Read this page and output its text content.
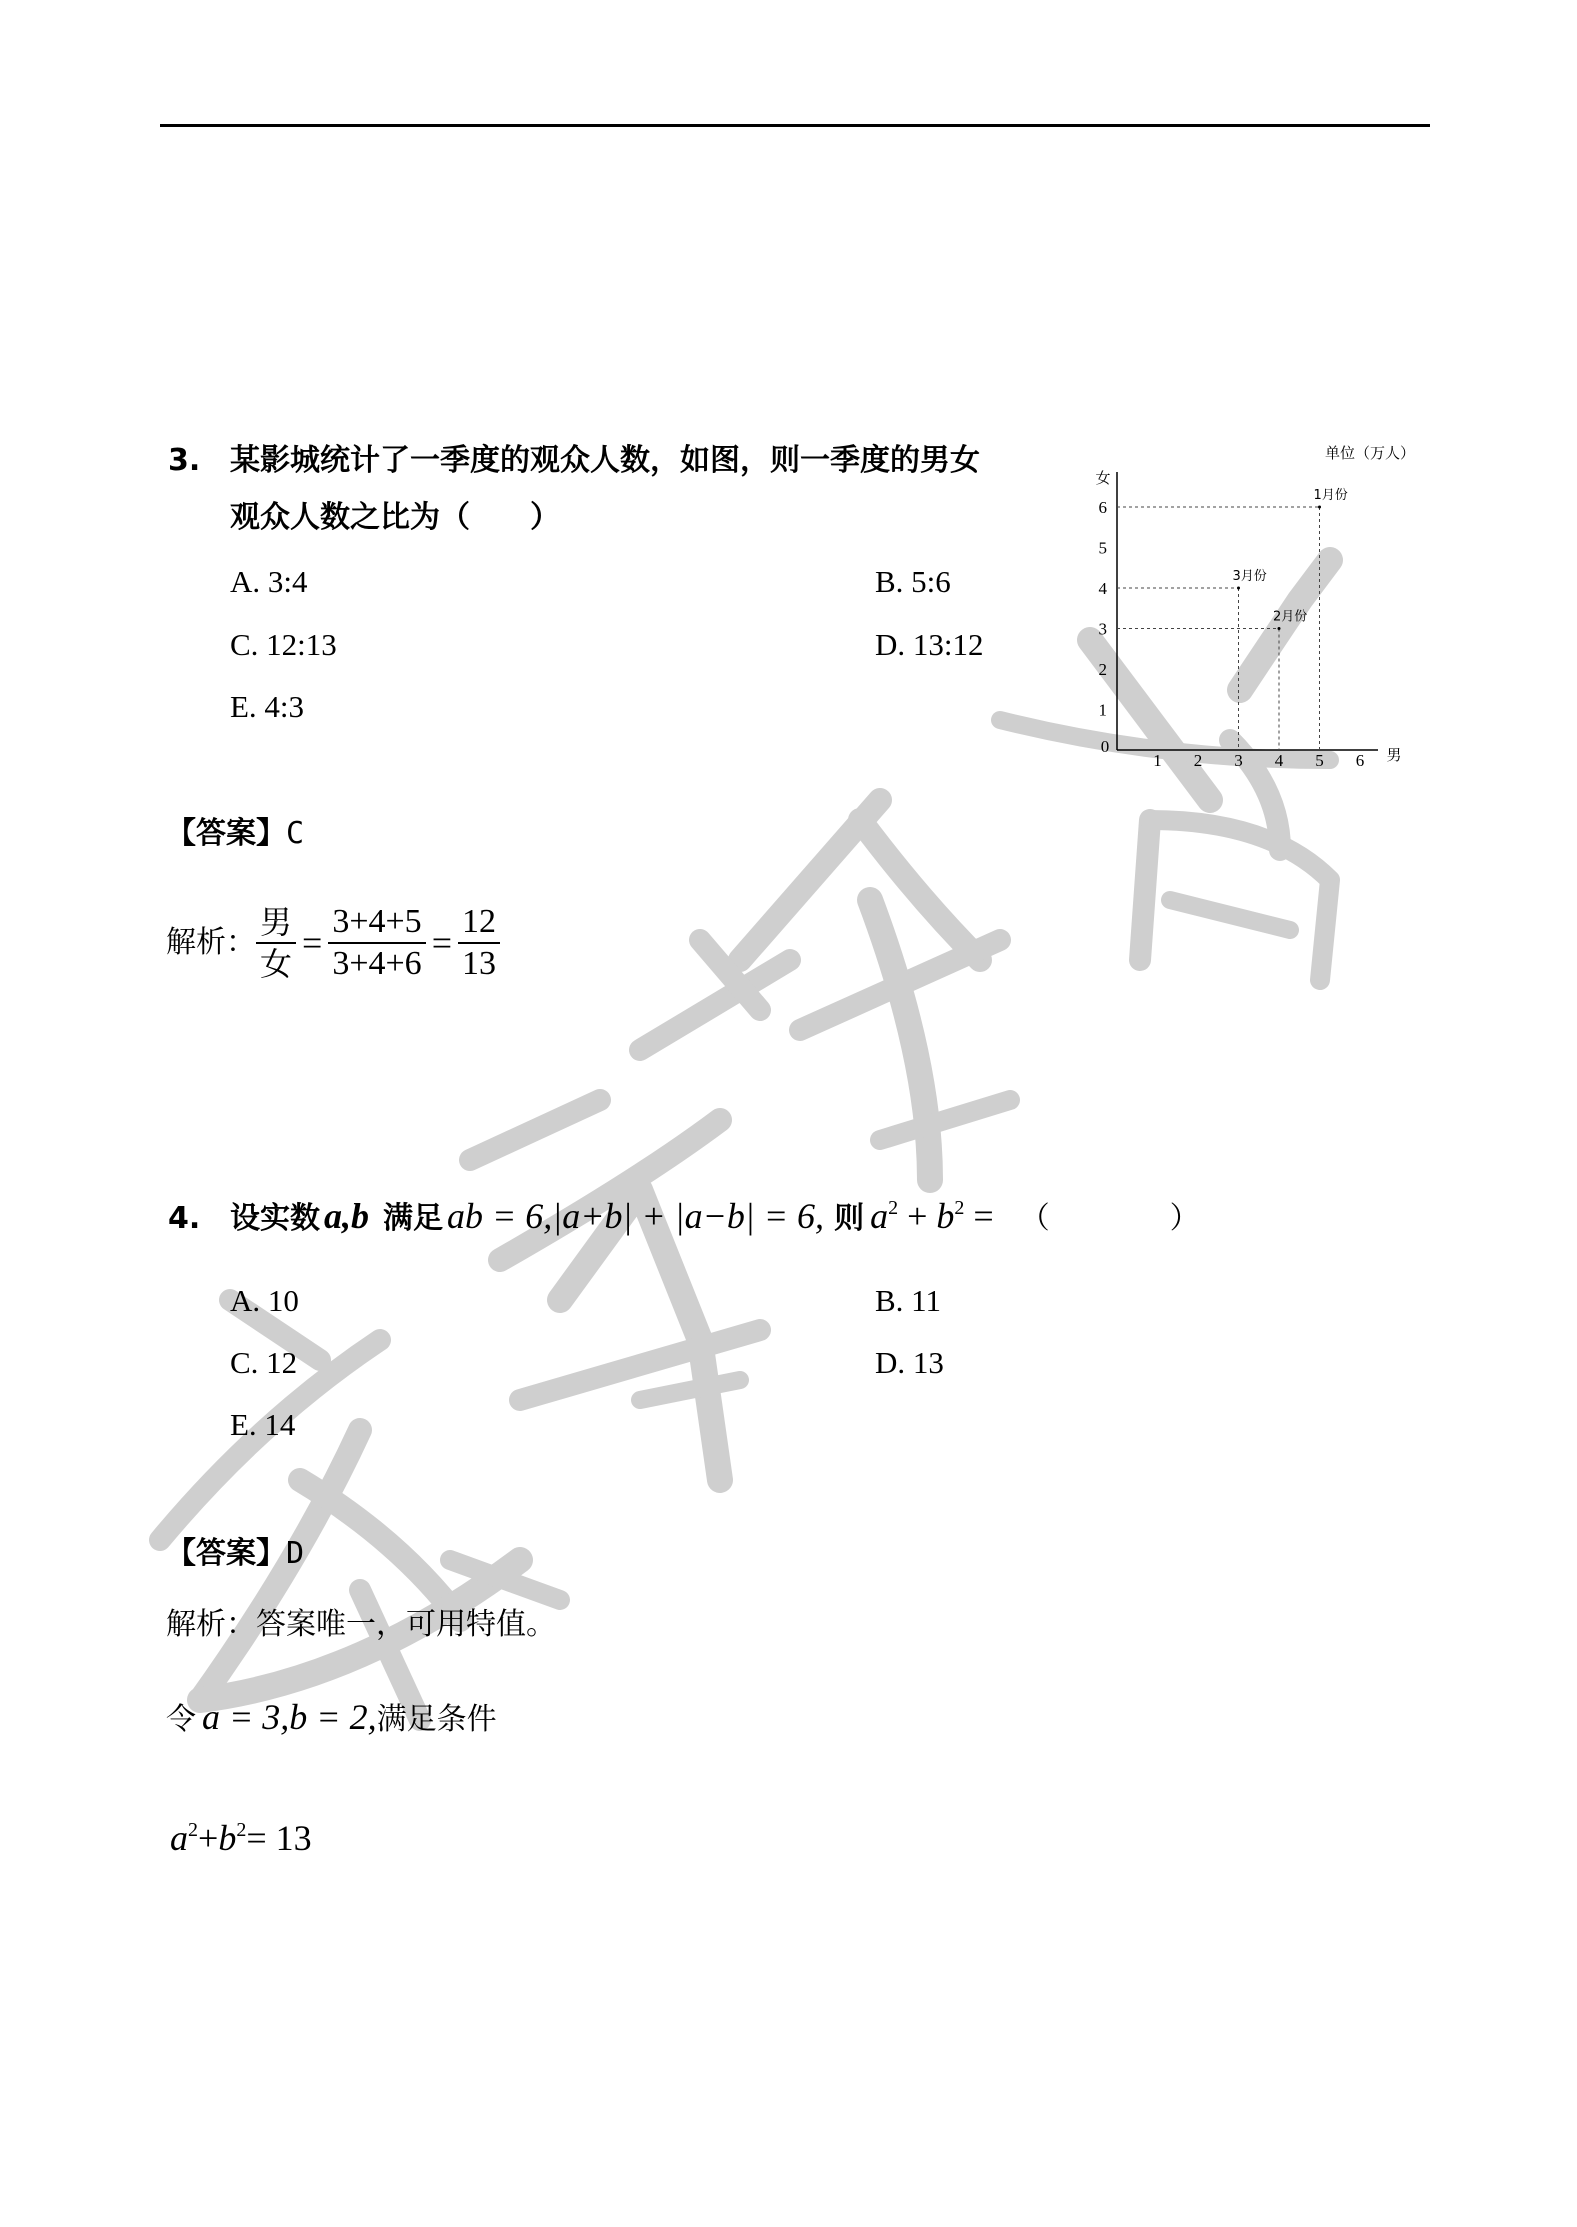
3. 某影城统计了一季度的观众人数，如图，则一季度的男女
观众人数之比为（　　）
A. 3:4	B. 5:6
C. 12:13	D. 13:12
E. 4:3
单位（万人）
女
男
0
1 2 3 4 5 6
1
2
3
4
5
6
1月份
2月份
3月份
【答案】C
解析： $\frac{\text{男}}{\text{女}} = \frac{3+4+5}{3+4+6} = \frac{12}{13}$
4. 设实数 a,b 满足 ab = 6,|a+b| + |a−b| = 6, 则 $a^2 + b^2$ = （　　　　）
A. 10	B. 11
C. 12	D. 13
E. 14
【答案】D
解析：答案唯一，可用特值。
令 a = 3,b = 2, 满足条件
$a^2+b^2= 13$
